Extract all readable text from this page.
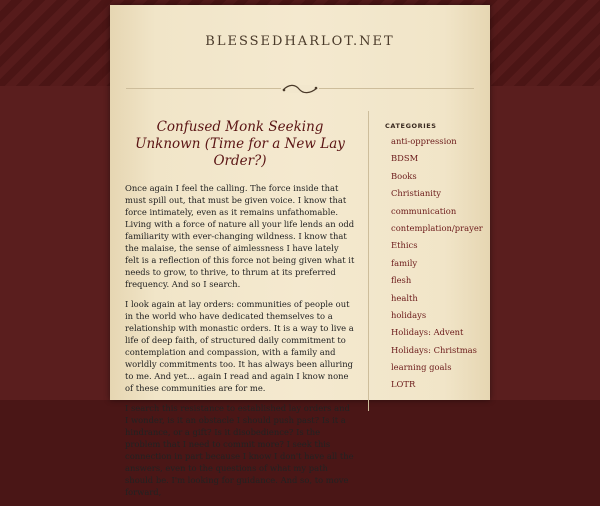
BLESSEDHARLOT.NET
Confused Monk Seeking Unknown (Time for a New Lay Order?)

Once again I feel the calling. The force inside that must spill out, that must be given voice. I know that force intimately, even as it remains unfathomable. Living with a force of nature all your life lends an odd familiarity with ever-changing wildness. I know that the malaise, the sense of aimlessness I have lately felt is a reflection of this force not being given what it needs to grow, to thrive, to thrum at its preferred frequency. And so I search.

I look again at lay orders: communities of people out in the world who have dedicated themselves to a relationship with monastic orders. It is a way to live a life of deep faith, of structured daily commitment to contemplation and compassion, with a family and worldly commitments too. It has always been alluring to me. And yet… again I read and again I know none of these communities are for me.

I search this resistance to established lay orders and I wonder, is it an obstacle I should push past? Is it a hindrance, or a gift? Is it disobedience? Is the problem that I need to commit more? I seek this connection in part because I know I don't have all the answers, even to the questions of what my path should be. I'm looking for guidance. And so, to move forward,

CATEGORIES
anti-oppression
BDSM
Books
Christianity
communication
contemplation/prayer
Ethics
family
flesh
health
holidays
Holidays: Advent
Holidays: Christmas
learning goals
LOTR
